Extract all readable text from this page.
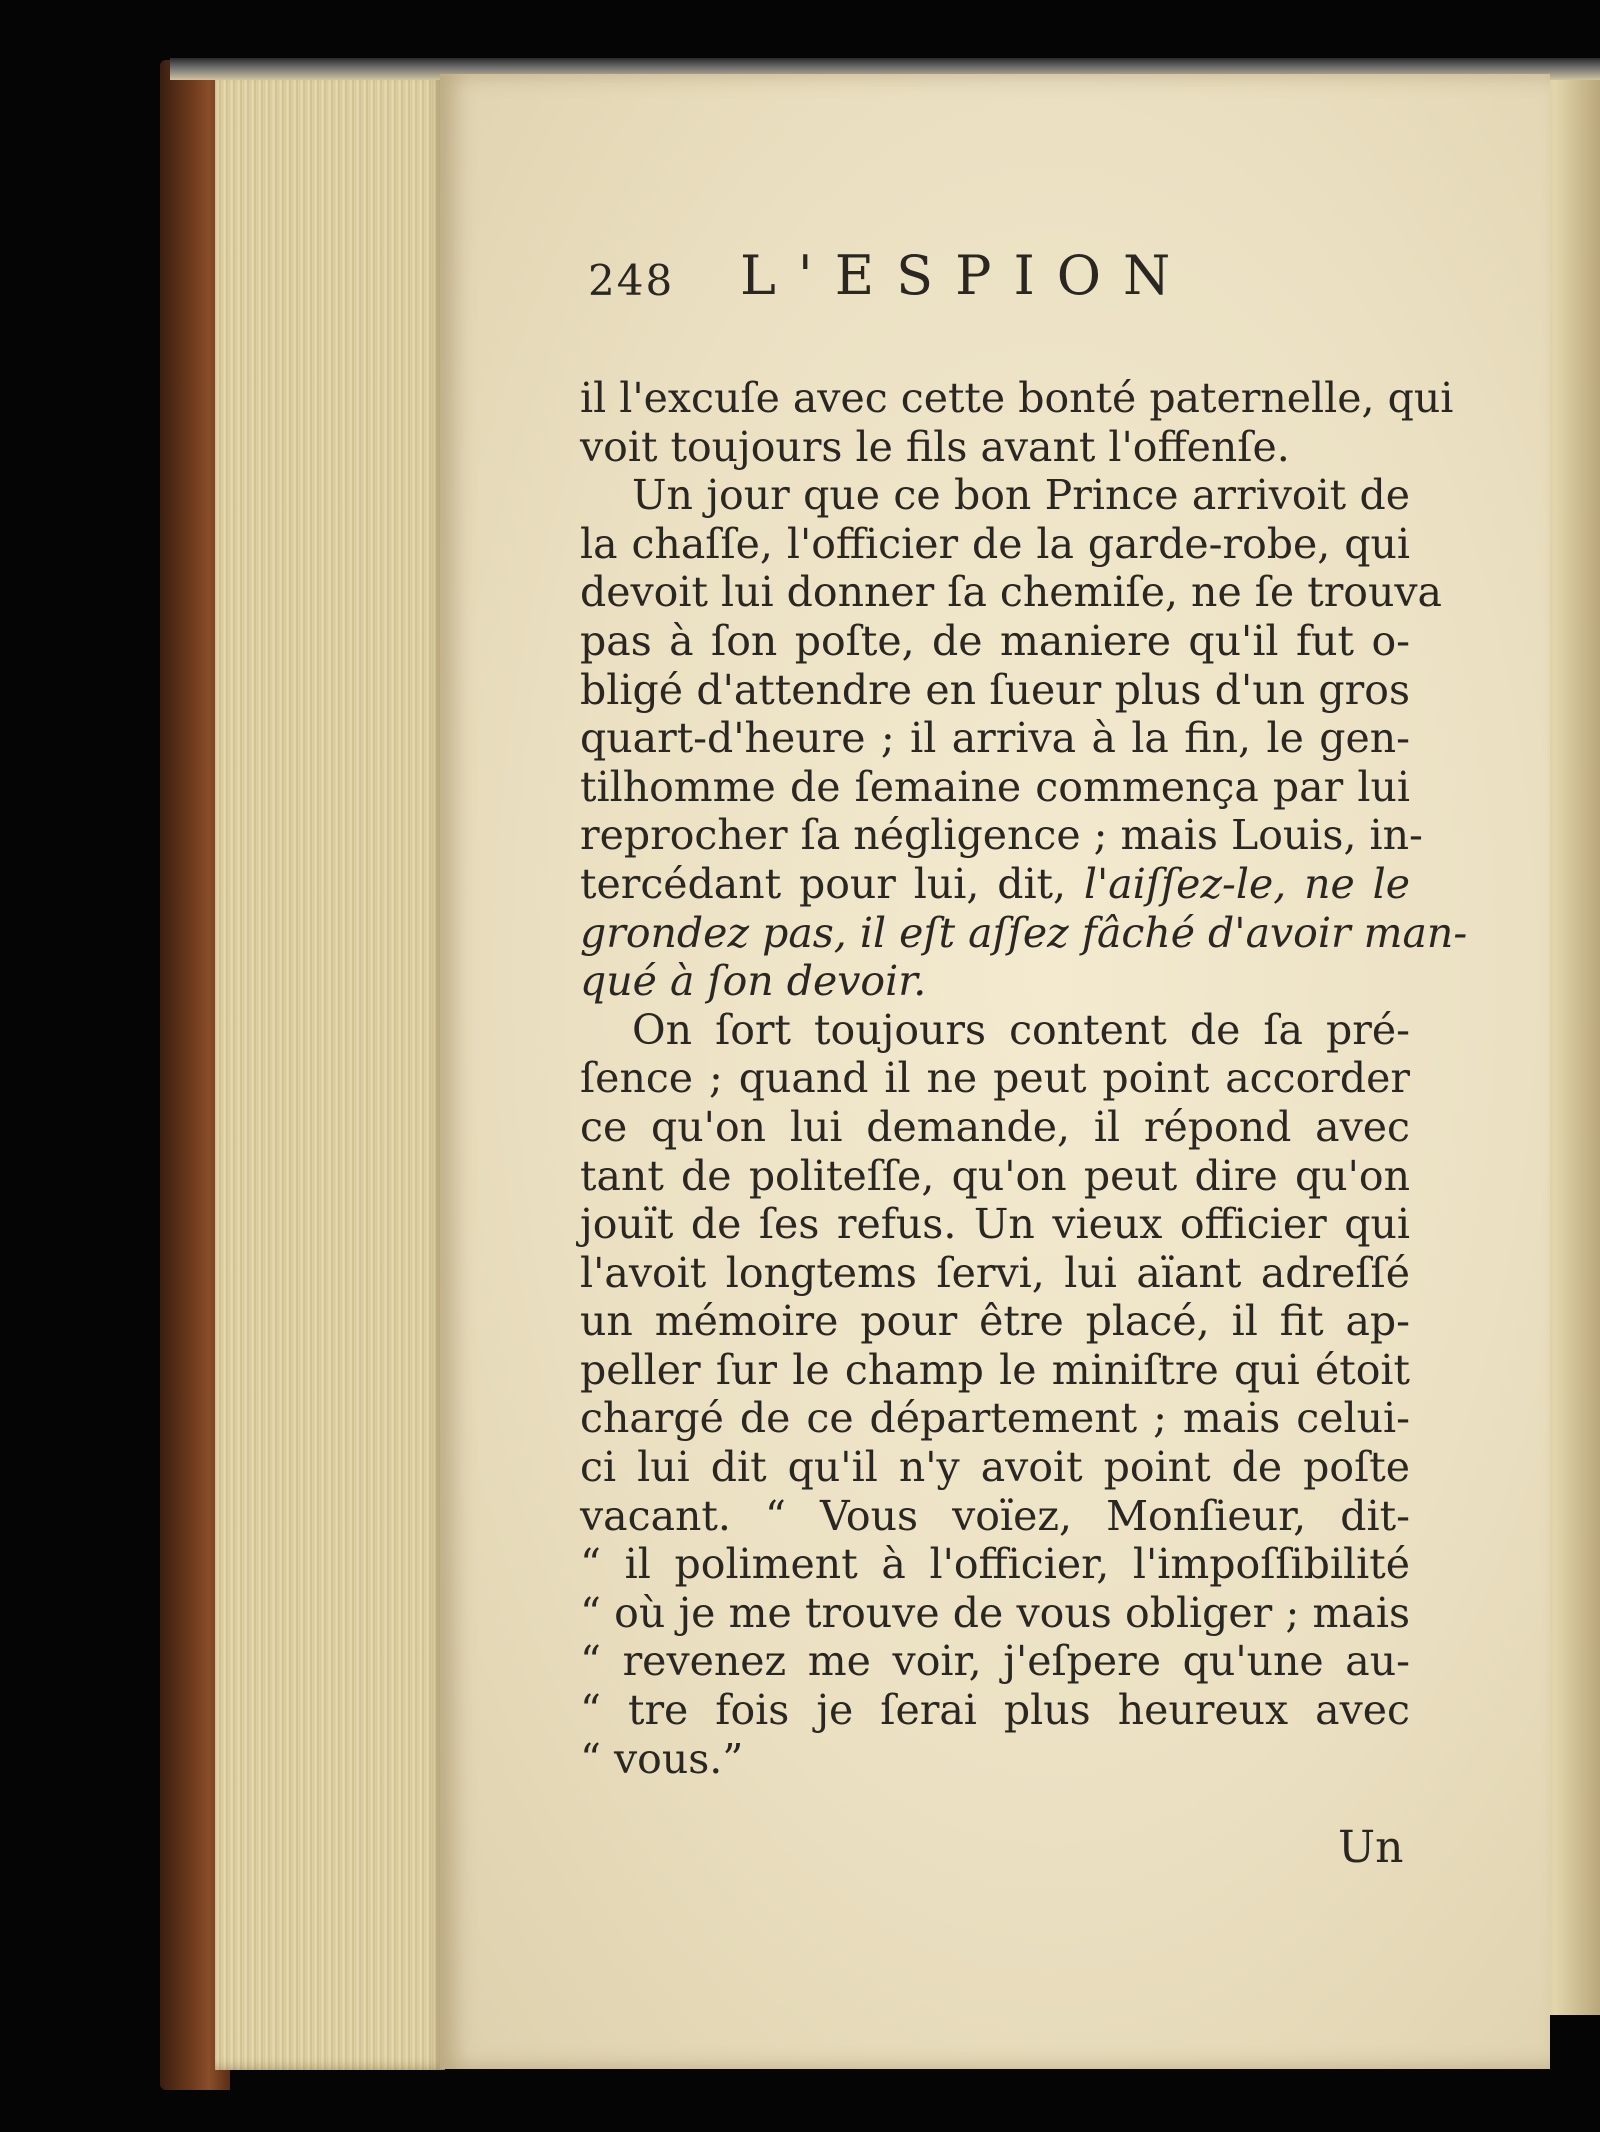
248 L'ESPION
il l'excuſe avec cette bonté paternelle, qui
voit toujours le fils avant l'offenſe.
Un jour que ce bon Prince arrivoit de
la chaſſe, l'officier de la garde-robe, qui
devoit lui donner ſa chemiſe, ne ſe trouva
pas à ſon poſte, de maniere qu'il fut o-
bligé d'attendre en ſueur plus d'un gros
quart-d'heure ; il arriva à la fin, le gen-
tilhomme de ſemaine commença par lui
reprocher ſa négligence ; mais Louis, in-
tercédant pour lui, dit, l'aiſſez-le, ne le
grondez pas, il eſt aſſez fâché d'avoir man-
qué à ſon devoir.
On ſort toujours content de ſa pré-
ſence ; quand il ne peut point accorder
ce qu'on lui demande, il répond avec
tant de politeſſe, qu'on peut dire qu'on
jouït de ſes refus. Un vieux officier qui
l'avoit longtems ſervi, lui aïant adreſſé
un mémoire pour être placé, il fit ap-
peller ſur le champ le miniſtre qui étoit
chargé de ce département ; mais celui-
ci lui dit qu'il n'y avoit point de poſte
vacant. “ Vous voïez, Monſieur, dit-
“ il poliment à l'officier, l'impoſſibilité
“ où je me trouve de vous obliger ; mais
“ revenez me voir, j'eſpere qu'une au-
“ tre fois je ſerai plus heureux avec
“ vous.”
Un
